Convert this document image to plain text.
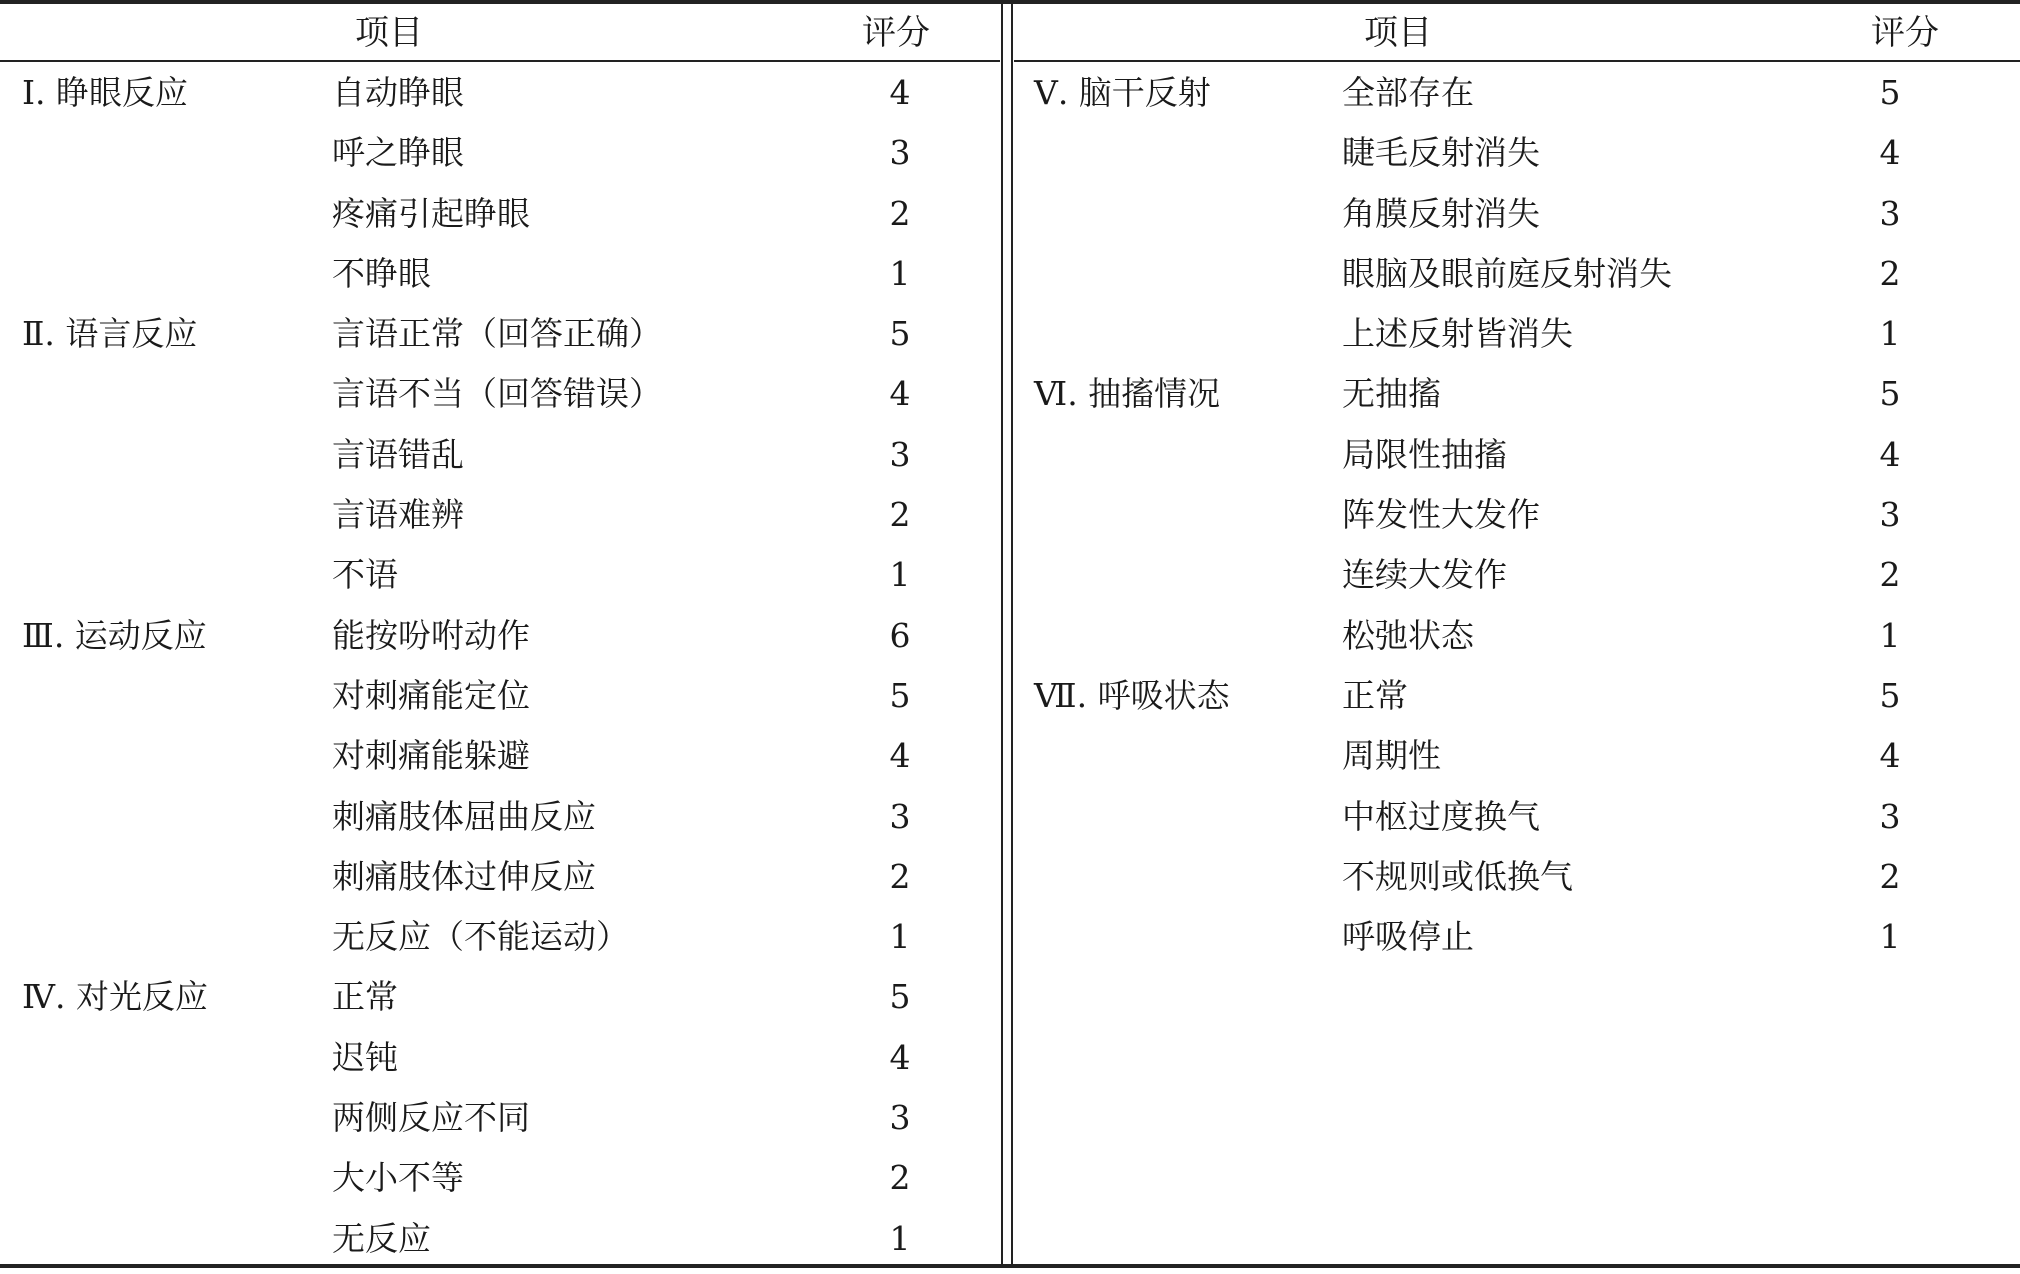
项目	评分
Ⅰ. 睁眼反应	自动睁眼	4
呼之睁眼	3
疼痛引起睁眼	2
不睁眼	1
Ⅱ. 语言反应	言语正常（回答正确）	5
言语不当（回答错误）	4
言语错乱	3
言语难辨	2
不语	1
Ⅲ. 运动反应	能按吩咐动作	6
对刺痛能定位	5
对刺痛能躲避	4
刺痛肢体屈曲反应	3
刺痛肢体过伸反应	2
无反应（不能运动）	1
Ⅳ. 对光反应	正常	5
迟钝	4
两侧反应不同	3
大小不等	2
无反应	1
项目	评分
Ⅴ. 脑干反射	全部存在	5
睫毛反射消失	4
角膜反射消失	3
眼脑及眼前庭反射消失	2
上述反射皆消失	1
Ⅵ. 抽搐情况	无抽搐	5
局限性抽搐	4
阵发性大发作	3
连续大发作	2
松弛状态	1
Ⅶ. 呼吸状态	正常	5
周期性	4
中枢过度换气	3
不规则或低换气	2
呼吸停止	1
